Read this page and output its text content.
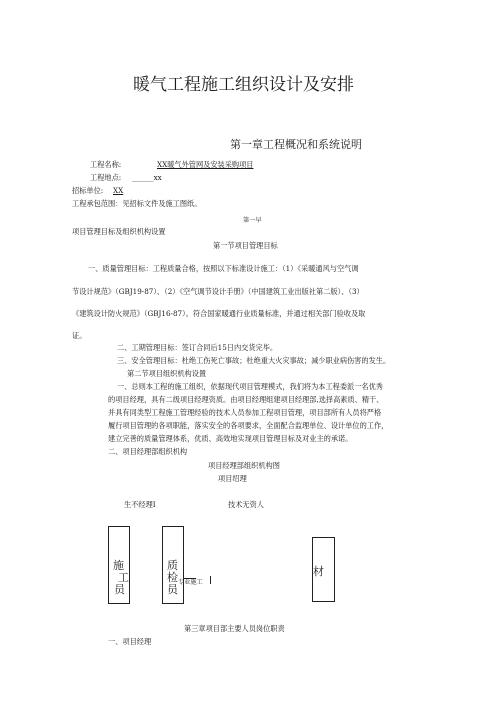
暖气工程施工组织设计及安排
第一章工程概况和系统说明
工程名称:	XX暖气外管网及安装采购项目
工程地点: ______xx
招标单位: XX
工程承包范围：见招标文件及施工图纸。
第一早
项目管理目标及组织机构设置
第一节项目管理目标
一、质量管理目标：工程质量合格，按照以下标准设计施工：（1）《采暖通风与空气调
节设计规范》（GBJ19-87）、（2）《空气调节设计手册》（中国建筑工业出版社第二版）、（3）
《建筑设计防火规范》（GBJ16-87）。符合国家暖通行业质量标准，并通过相关部门验收及取
证。
二、工期管理目标：签订合同后15日内交货完毕。
三、安全管理目标：杜绝工伤死亡事故；杜绝重大火灾事故；减少职业病伤害的发生。
第二节项目组织机构设置
一、总则本工程的施工组织，依据现代项目管理模式，我们将为本工程委派一名优秀
的项目经理，具有二级项目经理资质。由项目经理组建项目经理部,选择高素质、精干、
并具有同类型工程施工管理经验的技术人员参加工程项目管理，项目部所有人员将严格
履行项目管理的各项职能，落实安全的各项要求，全面配合监理单位、设计单位的工作，
建立完善的质量管理体系，优质、高效地实现项目管理目标及对业主的承诺。
二、项目经理部组织机构
项目经理部组织机构图
项目绍理
生不经理I	技术无资人
施
工
员
质
检
员
专业施工
材
第三章项目部主要人员岗位职责
一、项目经理
